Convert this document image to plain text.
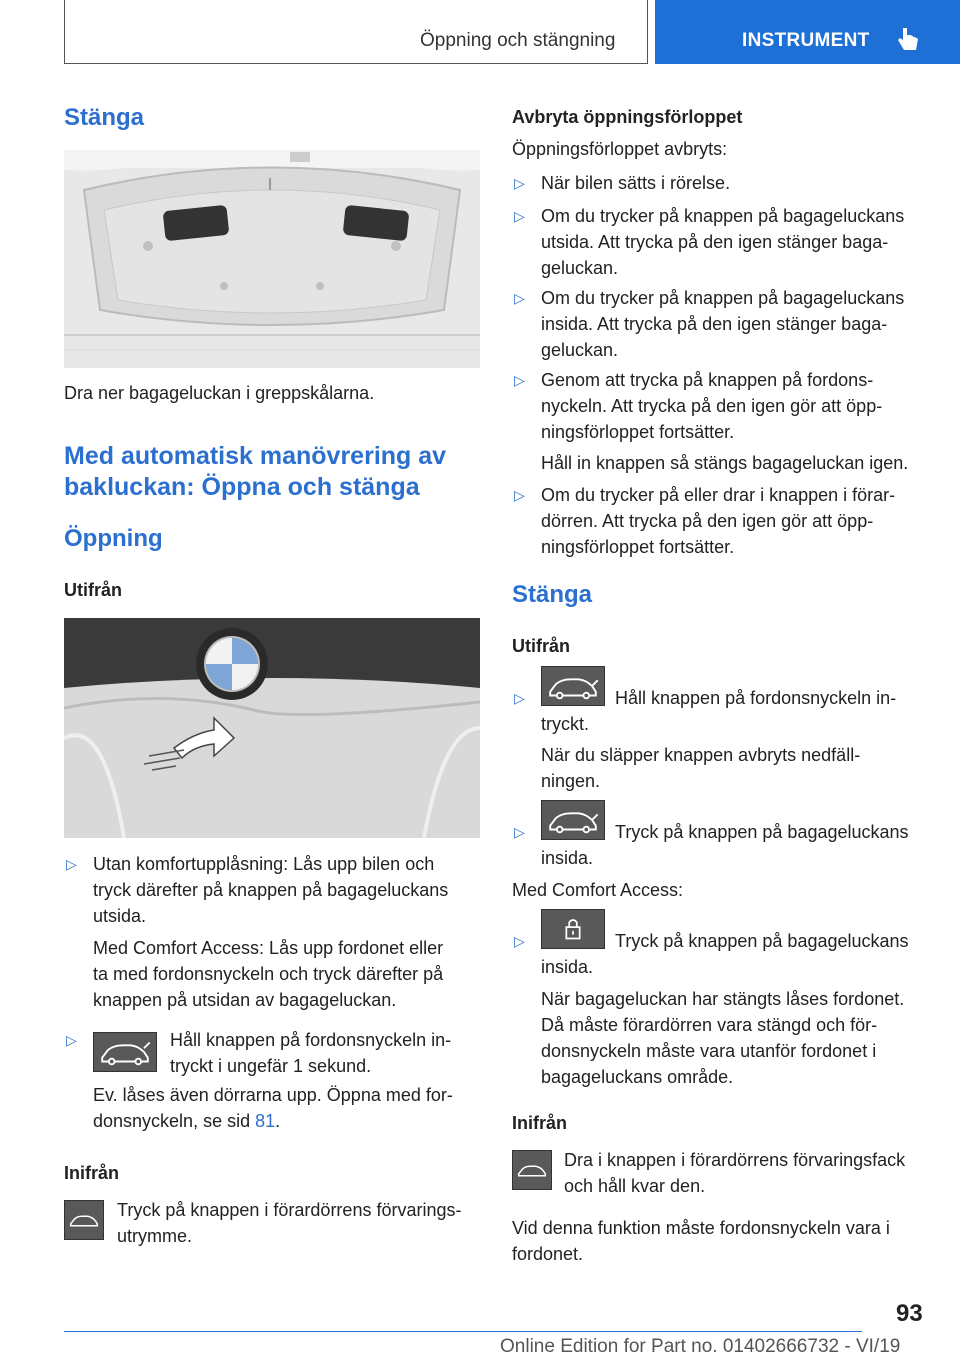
Öppning och stängning	INSTRUMENT
Stänga
Dra ner bagageluckan i greppskålarna.
Med automatisk manövrering av
bakluckan: Öppna och stänga
Öppning
Utifrån
▷ Utan komfortupplåsning: Lås upp bilen och
tryck därefter på knappen på bagageluckans
utsida.
Med Comfort Access: Lås upp fordonet eller
ta med fordonsnyckeln och tryck därefter på
knappen på utsidan av bagageluckan.
▷	Håll knappen på fordonsnyckeln in-
tryckt i ungefär 1 sekund.
Ev. låses även dörrarna upp. Öppna med for-
donsnyckeln, se sid 81.
Inifrån
Tryck på knappen i förardörrens förvarings-
utrymme.
Avbryta öppningsförloppet
Öppningsförloppet avbryts:
▷ När bilen sätts i rörelse.
▷ Om du trycker på knappen på bagageluckans
utsida. Att trycka på den igen stänger baga-
geluckan.
▷ Om du trycker på knappen på bagageluckans
insida. Att trycka på den igen stänger baga-
geluckan.
▷ Genom att trycka på knappen på fordons-
nyckeln. Att trycka på den igen gör att öpp-
ningsförloppet fortsätter.
Håll in knappen så stängs bagageluckan igen.
▷ Om du trycker på eller drar i knappen i förar-
dörren. Att trycka på den igen gör att öpp-
ningsförloppet fortsätter.
Stänga
Utifrån
▷	Håll knappen på fordonsnyckeln in-
tryckt.
När du släpper knappen avbryts nedfäll-
ningen.
▷	Tryck på knappen på bagageluckans
insida.
Med Comfort Access:
▷	Tryck på knappen på bagageluckans
insida.
När bagageluckan har stängts låses fordonet.
Då måste förardörren vara stängd och för-
donsnyckeln måste vara utanför fordonet i
bagageluckans område.
Inifrån
Dra i knappen i förardörrens förvaringsfack
och håll kvar den.
Vid denna funktion måste fordonsnyckeln vara i
fordonet.
93
Online Edition for Part no. 01402666732 - VI/19
